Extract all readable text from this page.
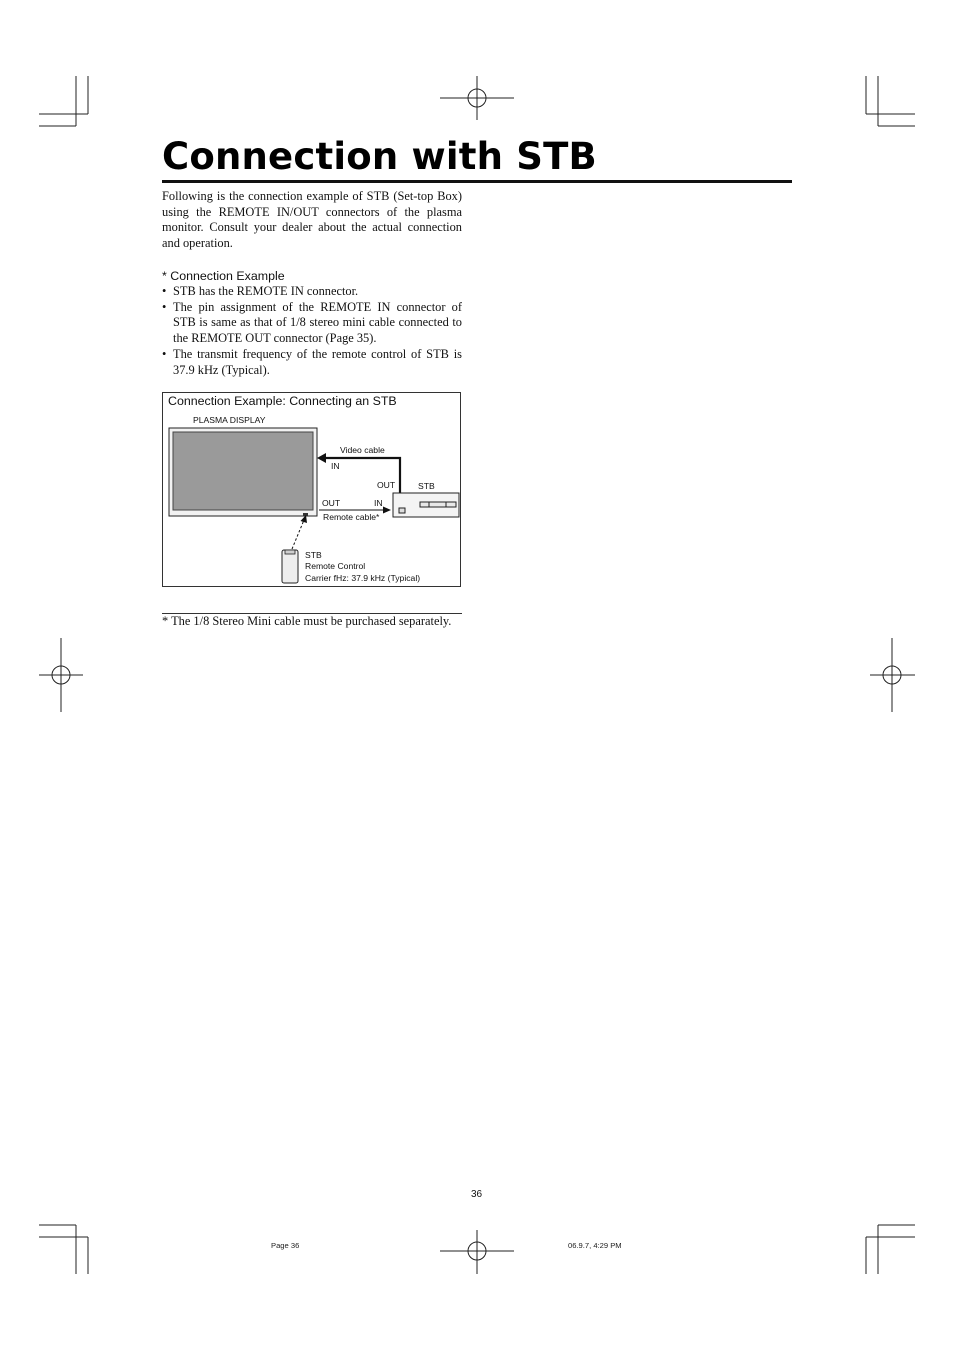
Connection with STB

Following is the connection example of STB (Set-top Box) using the REMOTE IN/OUT connectors of the plasma monitor. Consult your dealer about the actual connection and operation.

* Connection Example

• STB has the REMOTE IN connector.
• The pin assignment of the REMOTE IN connector of STB is same as that of 1/8 stereo mini cable connected to the REMOTE OUT connector (Page 35).
• The transmit frequency of the remote control of STB is 37.9 kHz (Typical).
Connection Example: Connecting an STB
PLASMA DISPLAY
Video cable
IN
OUT	STB
OUT	IN
Remote cable*
STB
Remote Control
Carrier fHz: 37.9 kHz (Typical)

* The 1/8 Stereo Mini cable must be purchased separately.

36
Page 36	06.9.7, 4:29 PM
